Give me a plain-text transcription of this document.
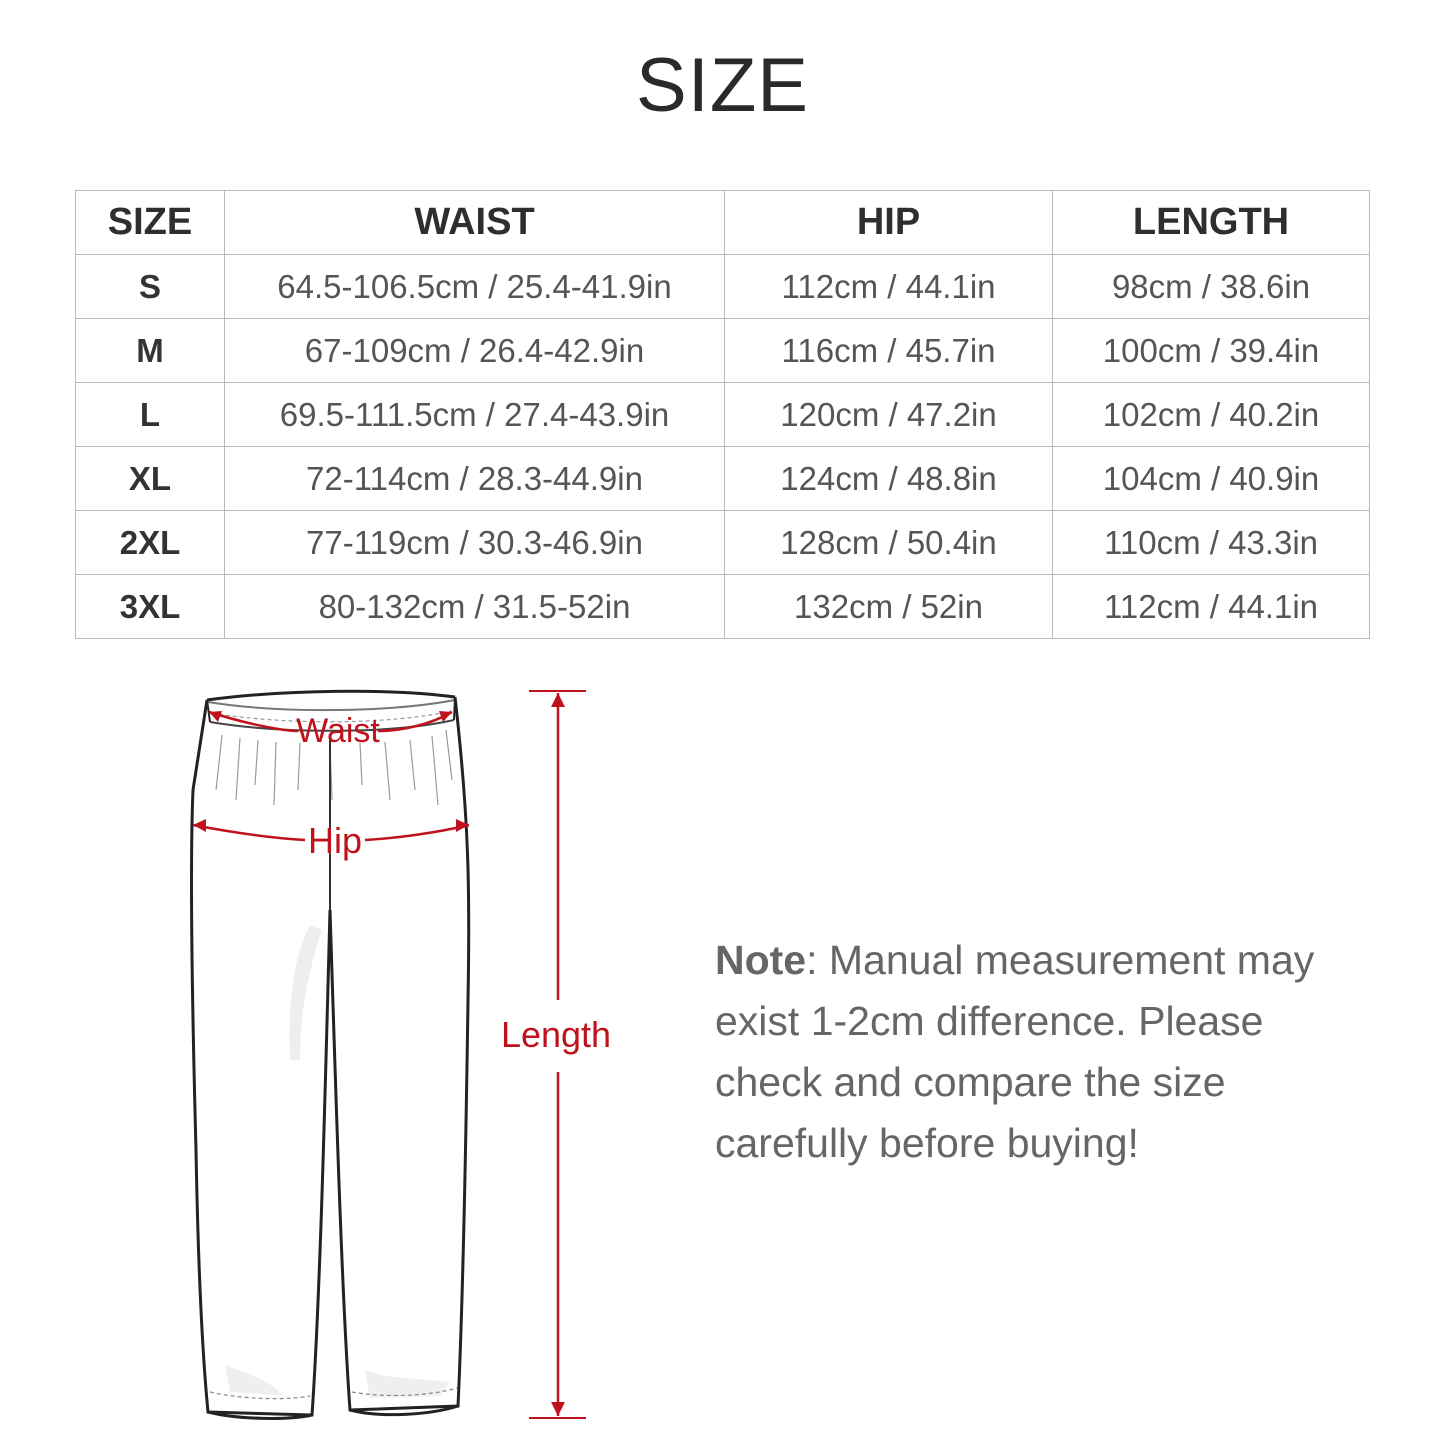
SIZE
SIZE	WAIST	HIP	LENGTH
S	64.5-106.5cm / 25.4-41.9in	112cm / 44.1in	98cm / 38.6in
M	67-109cm / 26.4-42.9in	116cm / 45.7in	100cm / 39.4in
L	69.5-111.5cm / 27.4-43.9in	120cm / 47.2in	102cm / 40.2in
XL	72-114cm / 28.3-44.9in	124cm / 48.8in	104cm / 40.9in
2XL	77-119cm / 30.3-46.9in	128cm / 50.4in	110cm / 43.3in
3XL	80-132cm / 31.5-52in	132cm / 52in	112cm / 44.1in
Waist
Hip
Length
Note: Manual measurement may exist 1-2cm difference. Please check and compare the size carefully before buying!
